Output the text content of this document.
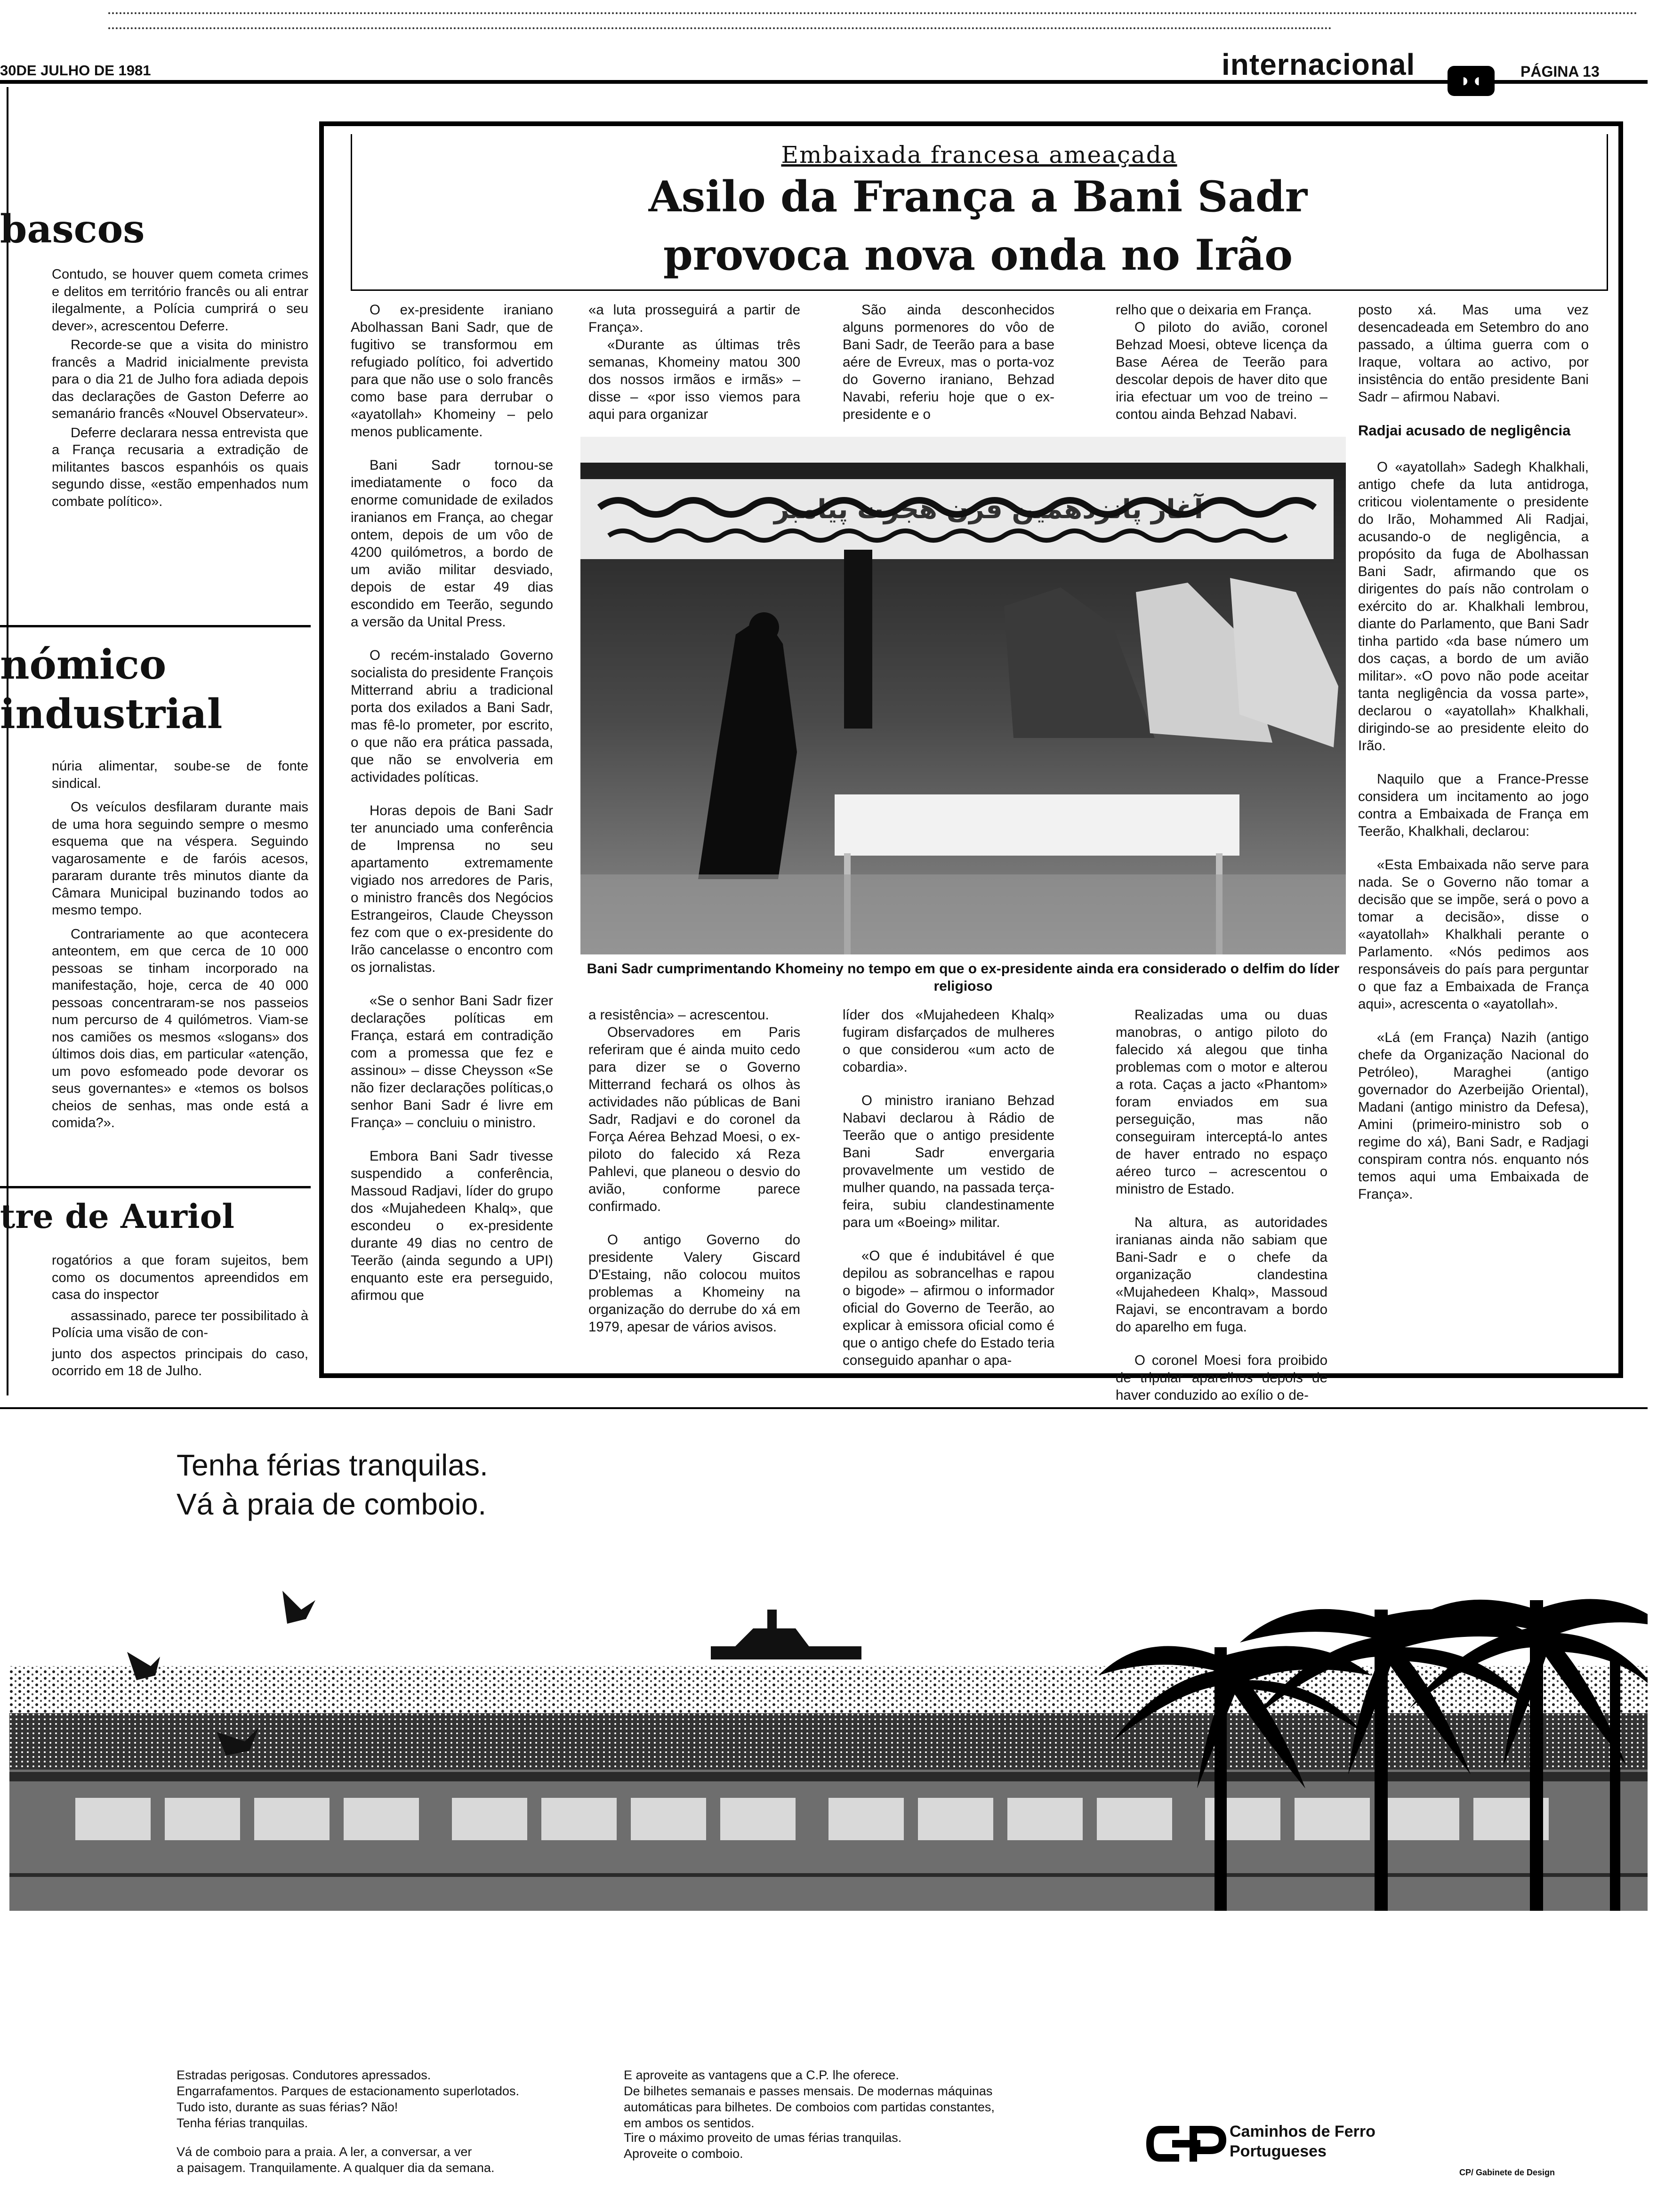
30DE JULHO DE 1981	internacional	◗◖	PÁGINA 13
bascos

Contudo, se houver quem cometa crimes e delitos em território francês ou ali entrar ilegalmente, a Polícia cumprirá o seu dever», acrescentou Deferre.

Recorde-se que a visita do ministro francês a Madrid inicialmente prevista para o dia 21 de Julho fora adiada depois das declarações de Gaston Deferre ao semanário francês «Nouvel Observateur».

Deferre declarara nessa entrevista que a França recusaria a extradição de militantes bascos espanhóis os quais segundo disse, «estão empenhados num combate político».

nómico
industrial

núria alimentar, soube-se de fonte sindical.

Os veículos desfilaram durante mais de uma hora seguindo sempre o mesmo esquema que na véspera. Seguindo vagarosamente e de faróis acesos, pararam durante três minutos diante da Câmara Municipal buzinando todos ao mesmo tempo.

Contrariamente ao que acontecera anteontem, em que cerca de 10 000 pessoas se tinham incorporado na manifestação, hoje, cerca de 40 000 pessoas concentraram-se nos passeios num percurso de 4 quilómetros. Viam-se nos camiões os mesmos «slogans» dos últimos dois dias, em particular «atenção, um povo esfomeado pode devorar os seus governantes» e «temos os bolsos cheios de senhas, mas onde está a comida?».

tre de Auriol

rogatórios a que foram sujeitos, bem como os documentos apreendidos em casa do inspector

assassinado, parece ter possibilitado à Polícia uma visão de con-

junto dos aspectos principais do caso, ocorrido em 18 de Julho.

Embaixada francesa ameaçada
Asilo da França a Bani Sadr
provoca nova onda no Irão

O ex-presidente iraniano Abolhassan Bani Sadr, que de fugitivo se transformou em refugiado político, foi advertido para que não use o solo francês como base para derrubar o «ayatollah» Khomeiny – pelo menos publicamente.

Bani Sadr tornou-se imediatamente o foco da enorme comunidade de exilados iranianos em França, ao chegar ontem, depois de um vôo de 4200 quilómetros, a bordo de um avião militar desviado, depois de estar 49 dias escondido em Teerão, segundo a versão da Unital Press.

O recém-instalado Governo socialista do presidente François Mitterrand abriu a tradicional porta dos exilados a Bani Sadr, mas fê-lo prometer, por escrito, o que não era prática passada, que não se envolveria em actividades políticas.

Horas depois de Bani Sadr ter anunciado uma conferência de Imprensa no seu apartamento extremamente vigiado nos arredores de Paris, o ministro francês dos Negócios Estrangeiros, Claude Cheysson fez com que o ex-presidente do Irão cancelasse o encontro com os jornalistas.

«Se o senhor Bani Sadr fizer declarações políticas em França, estará em contradição com a promessa que fez e assinou» – disse Cheysson «Se não fizer declarações políticas,o senhor Bani Sadr é livre em França» – concluiu o ministro.

Embora Bani Sadr tivesse suspendido a conferência, Massoud Radjavi, líder do grupo dos «Mujahedeen Khalq», que escondeu o ex-presidente durante 49 dias no centro de Teerão (ainda segundo a UPI) enquanto este era perseguido, afirmou que

«a luta prosseguirá a partir de França».

«Durante as últimas três semanas, Khomeiny matou 300 dos nossos irmãos e irmãs» – disse – «por isso viemos para aqui para organizar

São ainda desconhecidos alguns pormenores do vôo de Bani Sadr, de Teerão para a base aére de Evreux, mas o porta-voz do Governo iraniano, Behzad Navabi, referiu hoje que o ex-presidente e o

relho que o deixaria em França.

O piloto do avião, coronel Behzad Moesi, obteve licença da Base Aérea de Teerão para descolar depois de haver dito que iria efectuar um voo de treino – contou ainda Behzad Nabavi.

آغاز پانزدهمین قرن هجرت پیامبر
Bani Sadr cumprimentando Khomeiny no tempo em que o ex-presidente ainda era considerado o delfim do líder religioso

a resistência» – acrescentou.

Observadores em Paris referiram que é ainda muito cedo para dizer se o Governo Mitterrand fechará os olhos às actividades não públicas de Bani Sadr, Radjavi e do coronel da Força Aérea Behzad Moesi, o ex-piloto do falecido xá Reza Pahlevi, que planeou o desvio do avião, conforme parece confirmado.

O antigo Governo do presidente Valery Giscard D'Estaing, não colocou muitos problemas a Khomeiny na organização do derrube do xá em 1979, apesar de vários avisos.

líder dos «Mujahedeen Khalq» fugiram disfarçados de mulheres o que considerou «um acto de cobardia».

O ministro iraniano Behzad Nabavi declarou à Rádio de Teerão que o antigo presidente Bani Sadr envergaria provavelmente um vestido de mulher quando, na passada terça-feira, subiu clandestinamente para um «Boeing» militar.

«O que é indubitável é que depilou as sobrancelhas e rapou o bigode» – afirmou o informador oficial do Governo de Teerão, ao explicar à emissora oficial como é que o antigo chefe do Estado teria conseguido apanhar o apa-

Realizadas uma ou duas manobras, o antigo piloto do falecido xá alegou que tinha problemas com o motor e alterou a rota. Caças a jacto «Phantom» foram enviados em sua perseguição, mas não conseguiram interceptá-lo antes de haver entrado no espaço aéreo turco – acrescentou o ministro de Estado.

Na altura, as autoridades iranianas ainda não sabiam que Bani-Sadr e o chefe da organização clandestina «Mujahedeen Khalq», Massoud Rajavi, se encontravam a bordo do aparelho em fuga.

O coronel Moesi fora proibido de tripular aparelhos depois de haver conduzido ao exílio o de-

posto xá. Mas uma vez desencadeada em Setembro do ano passado, a última guerra com o Iraque, voltara ao activo, por insistência do então presidente Bani Sadr – afirmou Nabavi.

Radjai acusado de negligência

O «ayatollah» Sadegh Khalkhali, antigo chefe da luta antidroga, criticou violentamente o presidente do Irão, Mohammed Ali Radjai, acusando-o de negligência, a propósito da fuga de Abolhassan Bani Sadr, afirmando que os dirigentes do país não controlam o exército do ar. Khalkhali lembrou, diante do Parlamento, que Bani Sadr tinha partido «da base número um dos caças, a bordo de um avião militar». «O povo não pode aceitar tanta negligência da vossa parte», declarou o «ayatollah» Khalkhali, dirigindo-se ao presidente eleito do Irão.

Naquilo que a France-Presse considera um incitamento ao jogo contra a Embaixada de França em Teerão, Khalkhali, declarou:

«Esta Embaixada não serve para nada. Se o Governo não tomar a decisão que se impõe, será o povo a tomar a decisão», disse o «ayatollah» Khalkhali perante o Parlamento. «Nós pedimos aos responsáveis do país para perguntar o que faz a Embaixada de França aqui», acrescenta o «ayatollah».

«Lá (em França) Nazih (antigo chefe da Organização Nacional do Petróleo), Maraghei (antigo governador do Azerbeijão Oriental), Madani (antigo ministro da Defesa), Amini (primeiro-ministro sob o regime do xá), Bani Sadr, e Radjagi conspiram contra nós. enquanto nós temos aqui uma Embaixada de França».

Tenha férias tranquilas.
Vá à praia de comboio.
Estradas perigosas. Condutores apressados.
Engarrafamentos. Parques de estacionamento superlotados.
Tudo isto, durante as suas férias? Não!
Tenha férias tranquilas.
Vá de comboio para a praia. A ler, a conversar, a ver
a paisagem. Tranquilamente. A qualquer dia da semana.
E aproveite as vantagens que a C.P. lhe oferece.
De bilhetes semanais e passes mensais. De modernas máquinas
automáticas para bilhetes. De comboios com partidas constantes,
em ambos os sentidos.
Tire o máximo proveito de umas férias tranquilas.
Aproveite o comboio.
Caminhos de Ferro
Portugueses
CP/ Gabinete de Design
